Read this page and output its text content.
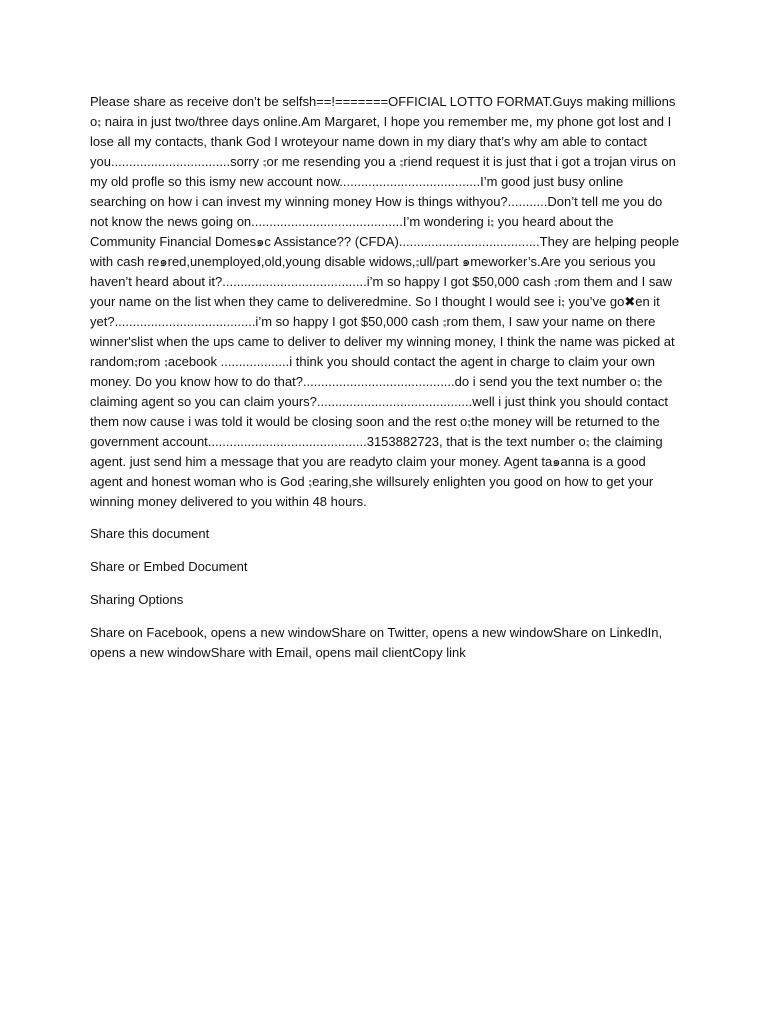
Please share as receive don’t be selfsh==!=======OFFICIAL LOTTO FORMAT.Guys making millions o⨟ naira in just two/three days online.Am Margaret, I hope you remember me, my phone got lost and I lose all my contacts, thank God I wroteyour name down in my diary that’s why am able to contact you.................................sorry ⨟or me resending you a ⨟riend request it is just that i got a trojan virus on my old profle so this ismy new account now.......................................I’m good just busy online searching on how i can invest my winning money How is things withyou?...........Don’t tell me you do not know the news going on..........................................I’m wondering i⨟ you heard about the Community Financial Domes๑c Assistance?? (CFDA).......................................They are helping people with cash re๑red,unemployed,old,young disable widows,⨟ull/part ๑meworker’s.Are you serious you haven’t heard about it?........................................i’m so happy I got $50,000 cash ⨟rom them and I saw your name on the list when they came to deliveredmine. So I thought I would see i⨟ you’ve go✖en it yet?.......................................i’m so happy I got $50,000 cash ⨟rom them, I saw your name on there winner'slist when the ups came to deliver to deliver my winning money, I think the name was picked at random⨟rom ⨟acebook ...................i think you should contact the agent in charge to claim your own money. Do you know how to do that?..........................................do i send you the text number o⨟ the claiming agent so you can claim yours?...........................................well i just think you should contact them now cause i was told it would be closing soon and the rest o⨟the money will be returned to the government account............................................3153882723, that is the text number o⨟ the claiming agent. just send him a message that you are readyto claim your money. Agent ta๑anna is a good agent and honest woman who is God ⨟earing,she willsurely enlighten you good on how to get your winning money delivered to you within 48 hours.

Share this document

Share or Embed Document

Sharing Options

Share on Facebook, opens a new windowShare on Twitter, opens a new windowShare on LinkedIn, opens a new windowShare with Email, opens mail clientCopy link
